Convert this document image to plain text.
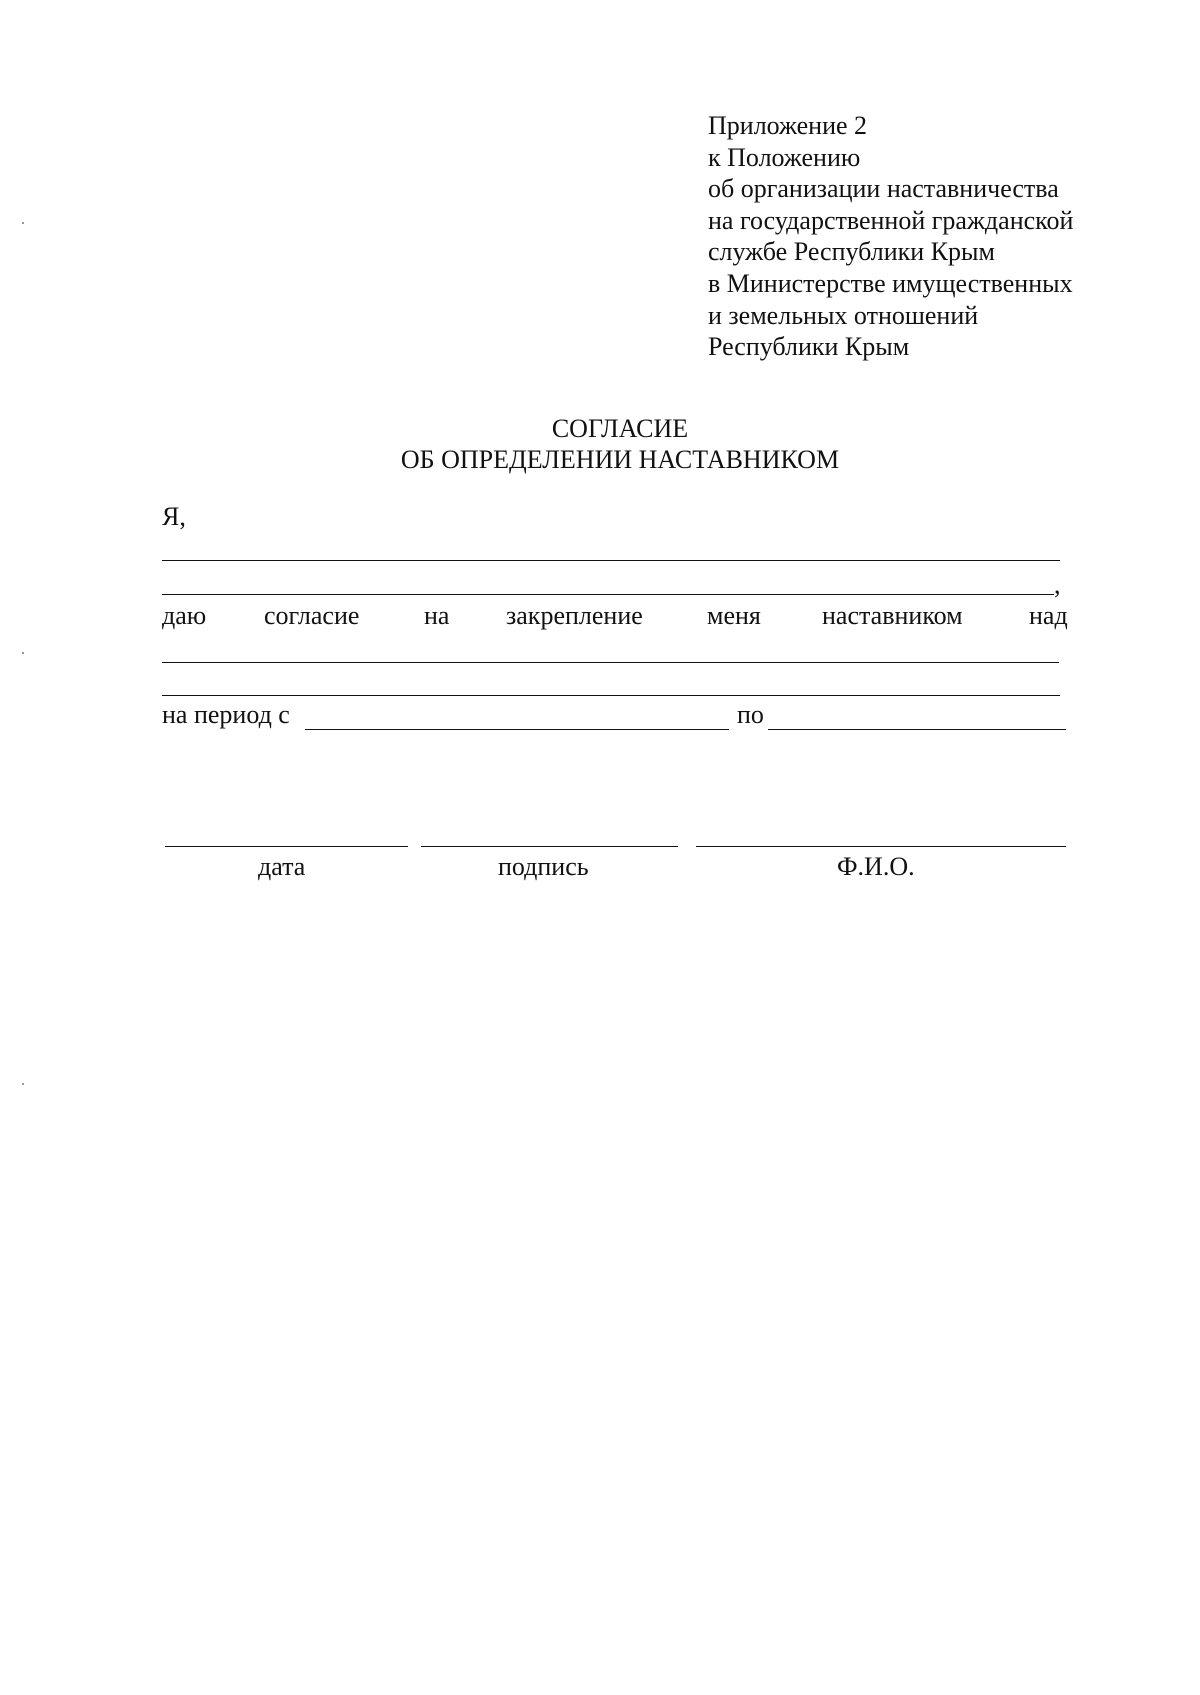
Приложение 2
к Положению
об организации наставничества
на государственной гражданской
службе Республики Крым
в Министерстве имущественных
и земельных отношений
Республики Крым
СОГЛАСИЕ
ОБ ОПРЕДЕЛЕНИИ НАСТАВНИКОМ
Я,
,
даю согласие на закрепление меня наставником	над
на период с	по
дата	подпись	Ф.И.О.
